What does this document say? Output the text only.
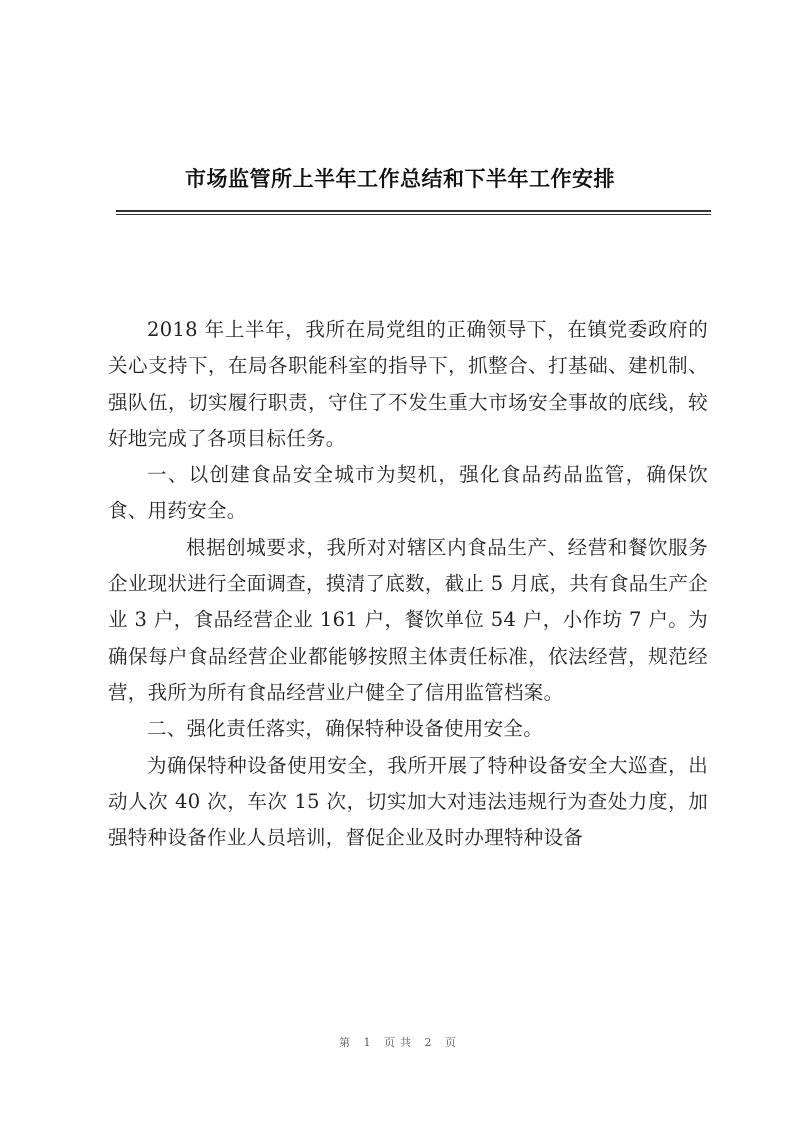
市场监管所上半年工作总结和下半年工作安排

2018 年上半年，我所在局党组的正确领导下，在镇党委政府的关心支持下，在局各职能科室的指导下，抓整合、打基础、建机制、强队伍，切实履行职责，守住了不发生重大市场安全事故的底线，较好地完成了各项目标任务。

一、以创建食品安全城市为契机，强化食品药品监管，确保饮食、用药安全。

根据创城要求，我所对对辖区内食品生产、经营和餐饮服务企业现状进行全面调查，摸清了底数，截止 5 月底，共有食品生产企业 3 户，食品经营企业 161 户，餐饮单位 54 户，小作坊 7 户。为确保每户食品经营企业都能够按照主体责任标准，依法经营，规范经营，我所为所有食品经营业户健全了信用监管档案。

二、强化责任落实，确保特种设备使用安全。

为确保特种设备使用安全，我所开展了特种设备安全大巡查，出动人次 40 次，车次 15 次，切实加大对违法违规行为查处力度，加强特种设备作业人员培训，督促企业及时办理特种设备

第 1 页共 2 页
